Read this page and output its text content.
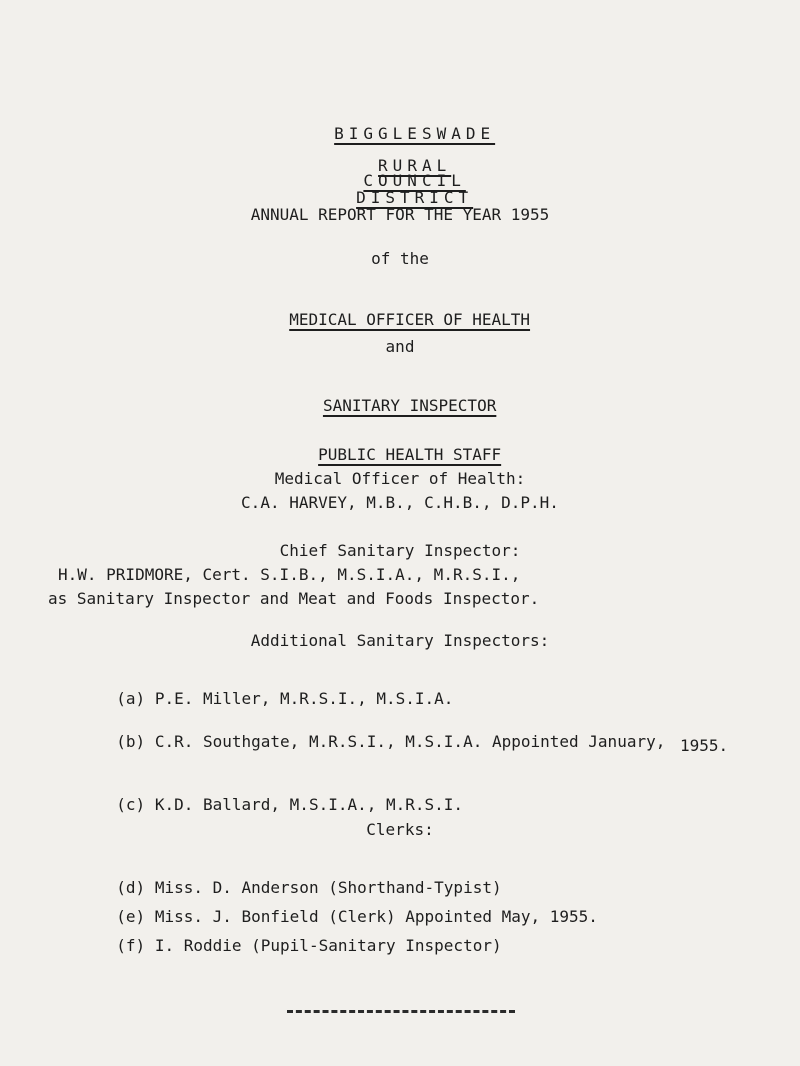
BIGGLESWADE

RURAL

DISTRICT

COUNCIL

ANNUAL REPORT FOR THE YEAR 1955
of the

MEDICAL OFFICER OF HEALTH

and

SANITARY INSPECTOR

PUBLIC HEALTH STAFF

Medical Officer of Health:
C.A. HARVEY, M.B., C.H.B., D.P.H.
Chief Sanitary Inspector:
H.W. PRIDMORE, Cert. S.I.B., M.S.I.A., M.R.S.I.,
as Sanitary Inspector and Meat and Foods Inspector.
Additional Sanitary Inspectors:

(a) P.E. Miller, M.R.S.I., M.S.I.A.

(b) C.R. Southgate, M.R.S.I., M.S.I.A. Appointed January, 1955.

(c) K.D. Ballard, M.S.I.A., M.R.S.I.

Clerks:

(d) Miss. D. Anderson (Shorthand-Typist)

(e) Miss. J. Bonfield (Clerk) Appointed May, 1955.

(f) I. Roddie (Pupil-Sanitary Inspector)
